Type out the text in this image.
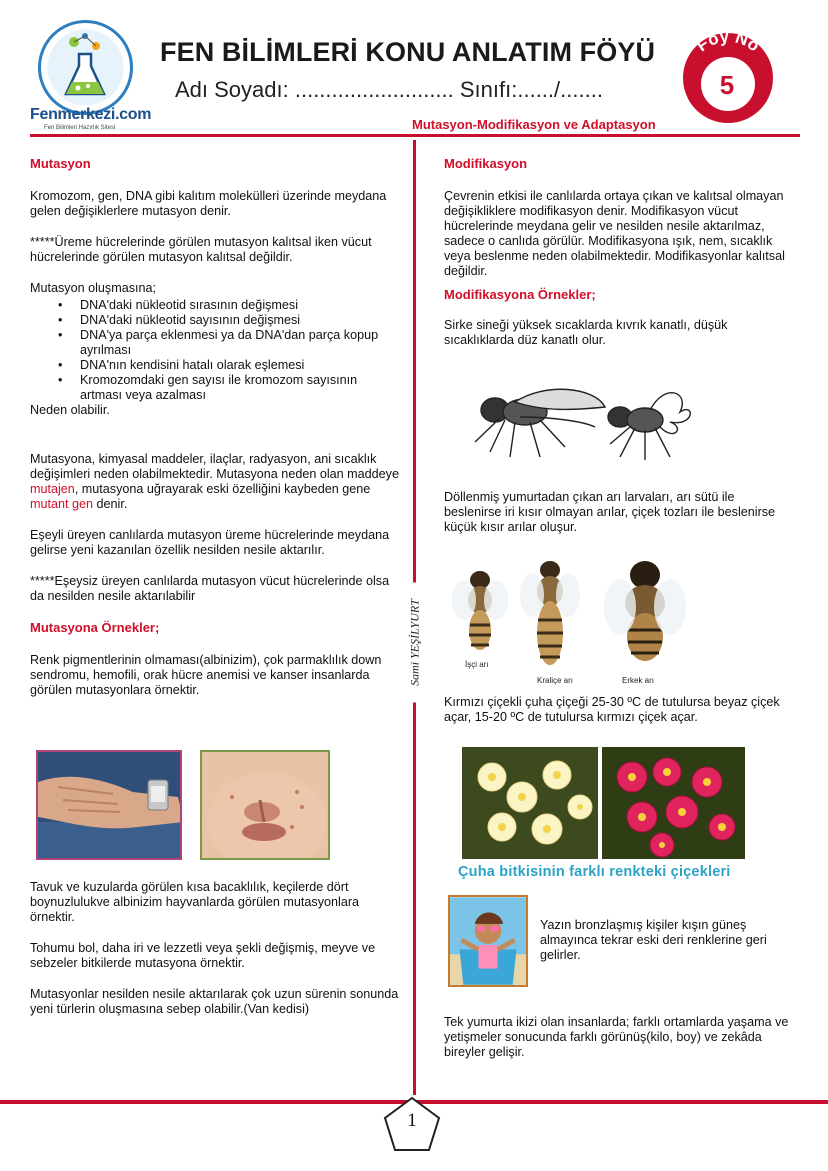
Fenmerkezi.com
Fen Bilimleri Hazırlık Sitesi
FEN BİLİMLERİ KONU ANLATIM FÖYÜ
Adı Soyadı: .......................... Sınıfı:....../.......
Föy No
5
Mutasyon-Modifikasyon ve Adaptasyon
Sami YEŞİLYURT
Mutasyon
Kromozom, gen, DNA gibi kalıtım molekülleri üzerinde meydana gelen değişiklerlere mutasyon denir.
*****Üreme hücrelerinde görülen mutasyon kalıtsal iken vücut hücrelerinde görülen mutasyon kalıtsal değildir.
Mutasyon oluşmasına;
• DNA'daki nükleotid sırasının değişmesi
• DNA'daki nükleotid sayısının değişmesi
• DNA'ya parça eklenmesi ya da DNA'dan parça kopup ayrılması
• DNA'nın kendisini hatalı olarak eşlemesi
• Kromozomdaki gen sayısı ile kromozom sayısının artması veya azalması
Neden olabilir.
Mutasyona, kimyasal maddeler, ilaçlar, radyasyon, ani sıcaklık değişimleri neden olabilmektedir. Mutasyona neden olan maddeye mutajen, mutasyona uğrayarak eski özelliğini kaybeden gene mutant gen denir.
Eşeyli üreyen canlılarda mutasyon üreme hücrelerinde meydana gelirse yeni kazanılan özellik nesilden nesile aktarılır.
*****Eşeysiz üreyen canlılarda mutasyon vücut hücrelerinde olsa da nesilden nesile aktarılabilir
Mutasyona Örnekler;
Renk pigmentlerinin olmaması(albinizim), çok parmaklılık down sendromu, hemofili, orak hücre anemisi ve kanser insanlarda görülen mutasyonlara örnektir.
Tavuk ve kuzularda görülen kısa bacaklılık, keçilerde dört boynuzlulukve albinizim hayvanlarda görülen mutasyonlara örnektir.
Tohumu bol, daha iri ve lezzetli veya şekli değişmiş, meyve ve sebzeler bitkilerde mutasyona örnektir.
Mutasyonlar nesilden nesile aktarılarak çok uzun sürenin sonunda yeni türlerin oluşmasına sebep olabilir.(Van kedisi)
Modifikasyon
Çevrenin etkisi ile canlılarda ortaya çıkan ve kalıtsal olmayan değişikliklere modifikasyon denir. Modifikasyon vücut hücrelerinde meydana gelir ve nesilden nesile aktarılmaz, sadece o canlıda görülür. Modifikasyona ışık, nem, sıcaklık veya beslenme neden olabilmektedir. Modifikasyonlar kalıtsal değildir.
Modifikasyona Örnekler;
Sirke sineği yüksek sıcaklarda kıvrık kanatlı, düşük sıcaklıklarda düz kanatlı olur.
Döllenmiş yumurtadan çıkan arı larvaları, arı sütü ile beslenirse iri kısır olmayan arılar, çiçek tozları ile beslenirse küçük kısır arılar oluşur.
İşçi arı
Kraliçe arı	Erkek arı
Kırmızı çiçekli çuha çiçeği 25-30 ºC de tutulursa beyaz çiçek açar, 15-20 ºC de tutulursa kırmızı çiçek açar.
Çuha bitkisinin farklı renkteki çiçekleri
Yazın bronzlaşmış kişiler kışın güneş almayınca tekrar eski deri renklerine geri gelirler.
Tek yumurta ikizi olan insanlarda; farklı ortamlarda yaşama ve yetişmeler sonucunda farklı görünüş(kilo, boy) ve zekâda bireyler gelişir.
1
